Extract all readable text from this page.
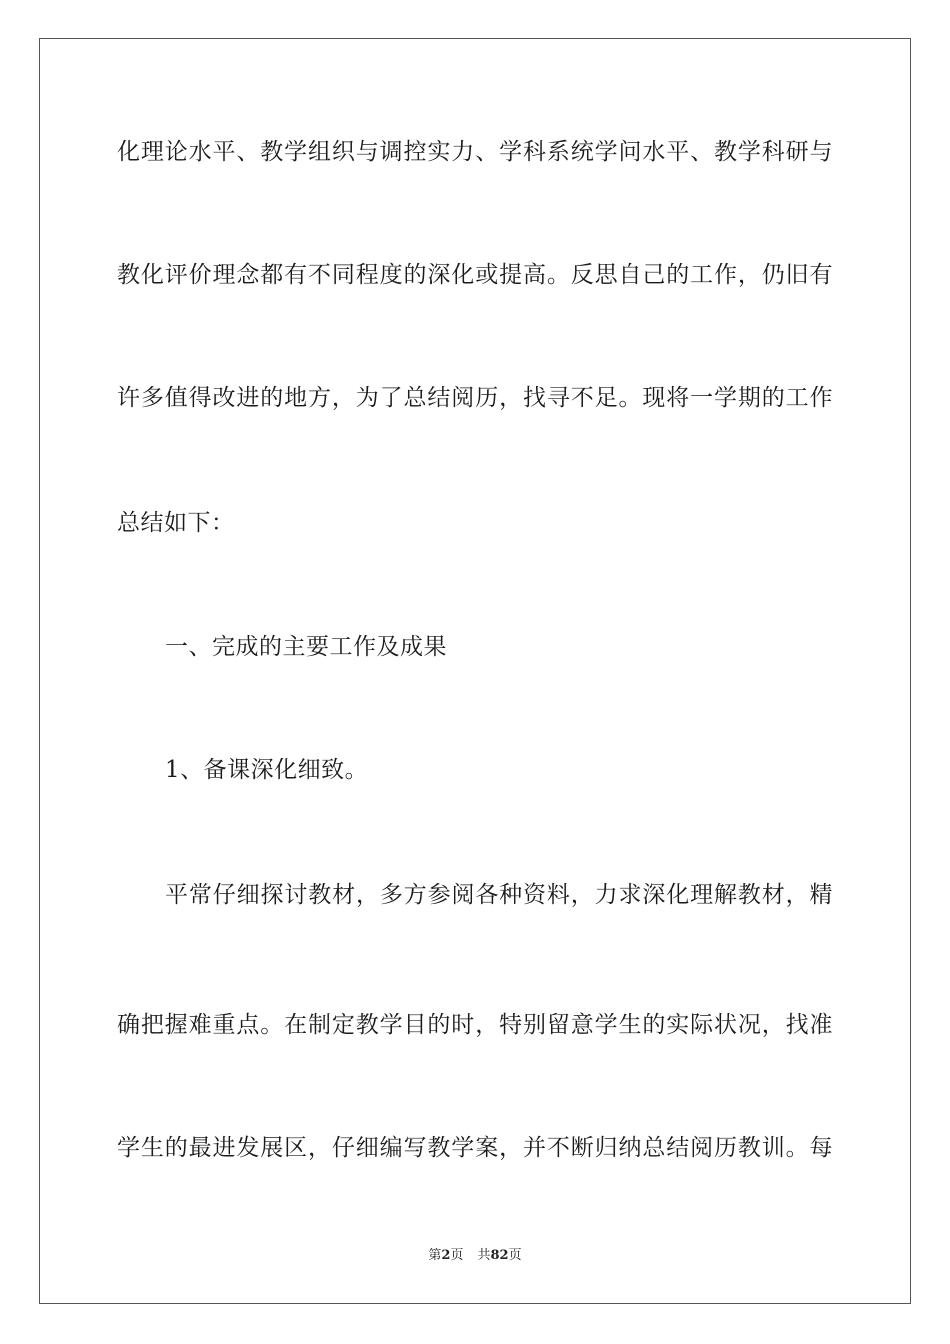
化理论水平、教学组织与调控实力、学科系统学问水平、教学科研与
教化评价理念都有不同程度的深化或提高。反思自己的工作，仍旧有
许多值得改进的地方，为了总结阅历，找寻不足。现将一学期的工作
总结如下：
一、完成的主要工作及成果
1、备课深化细致。
平常仔细探讨教材，多方参阅各种资料，力求深化理解教材，精
确把握难重点。在制定教学目的时，特别留意学生的实际状况，找准
学生的最进发展区，仔细编写教学案，并不断归纳总结阅历教训。每
第2页 共82页
